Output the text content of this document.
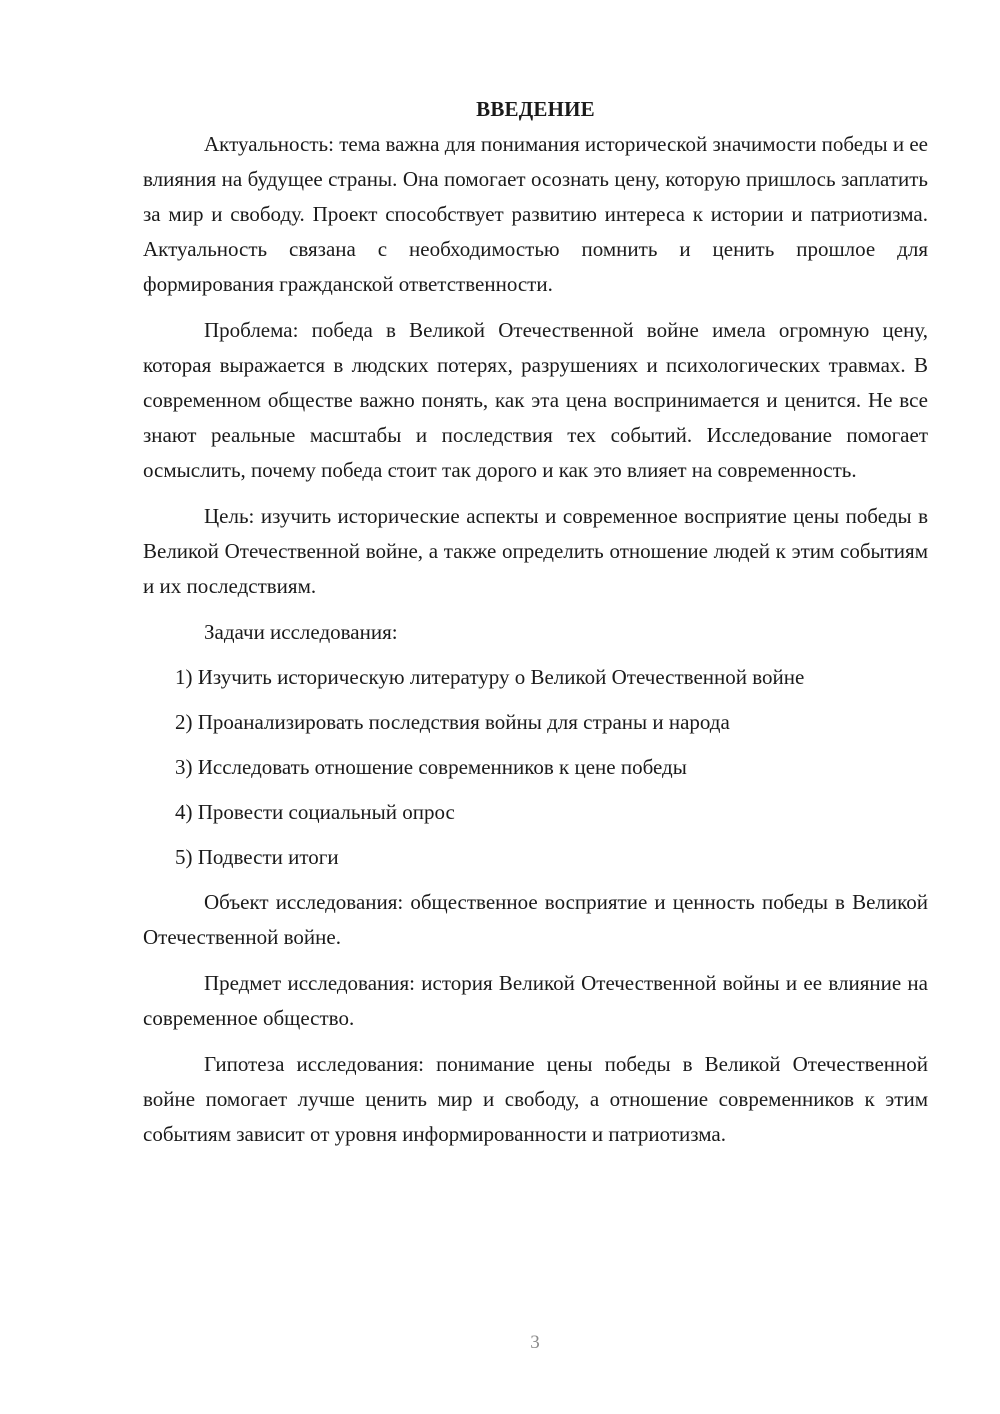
ВВЕДЕНИЕ

Актуальность: тема важна для понимания исторической значимости победы и ее влияния на будущее страны. Она помогает осознать цену, которую пришлось заплатить за мир и свободу. Проект способствует развитию интереса к истории и патриотизма. Актуальность связана с необходимостью помнить и ценить прошлое для формирования гражданской ответственности.

Проблема: победа в Великой Отечественной войне имела огромную цену, которая выражается в людских потерях, разрушениях и психологических травмах. В современном обществе важно понять, как эта цена воспринимается и ценится. Не все знают реальные масштабы и последствия тех событий. Исследование помогает осмыслить, почему победа стоит так дорого и как это влияет на современность.

Цель: изучить исторические аспекты и современное восприятие цены победы в Великой Отечественной войне, а также определить отношение людей к этим событиям и их последствиям.

Задачи исследования:

1) Изучить историческую литературу о Великой Отечественной войне
2) Проанализировать последствия войны для страны и народа
3) Исследовать отношение современников к цене победы
4) Провести социальный опрос
5) Подвести итоги

Объект исследования: общественное восприятие и ценность победы в Великой Отечественной войне.

Предмет исследования: история Великой Отечественной войны и ее влияние на современное общество.

Гипотеза исследования: понимание цены победы в Великой Отечественной войне помогает лучше ценить мир и свободу, а отношение современников к этим событиям зависит от уровня информированности и патриотизма.

3
